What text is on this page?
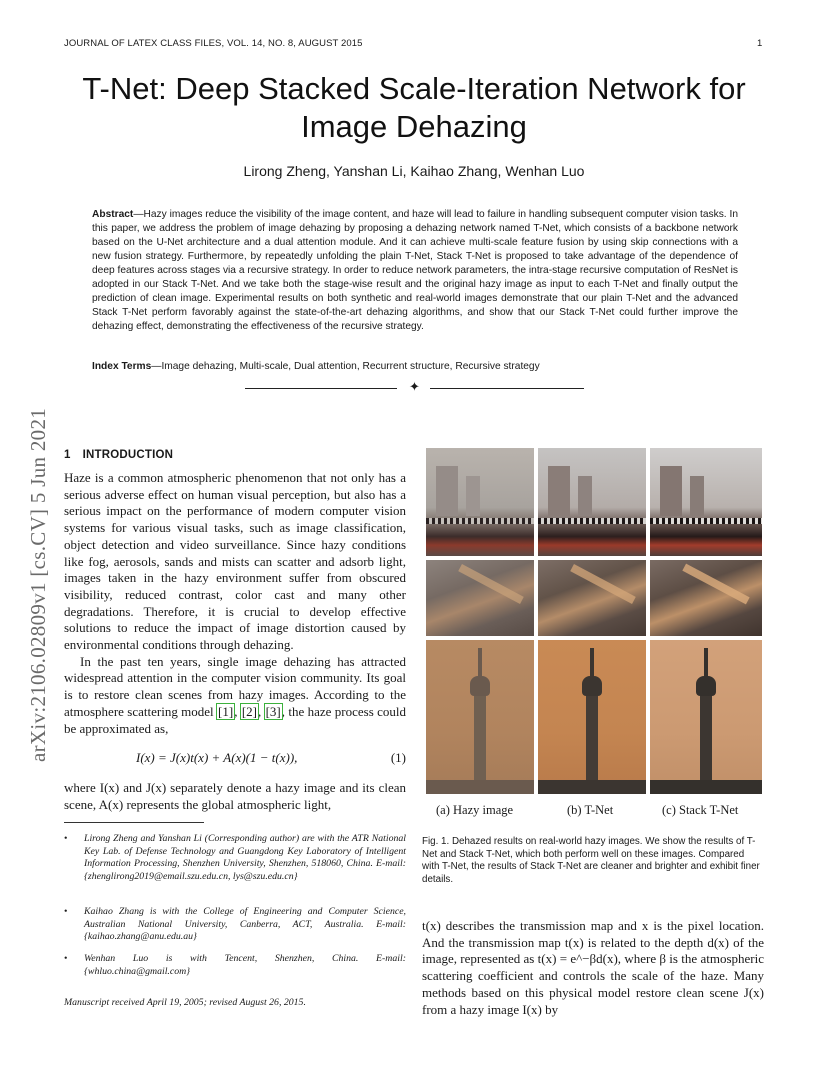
JOURNAL OF LATEX CLASS FILES, VOL. 14, NO. 8, AUGUST 2015	1
T-Net: Deep Stacked Scale-Iteration Network for Image Dehazing
Lirong Zheng, Yanshan Li, Kaihao Zhang, Wenhan Luo
Abstract—Hazy images reduce the visibility of the image content, and haze will lead to failure in handling subsequent computer vision tasks. In this paper, we address the problem of image dehazing by proposing a dehazing network named T-Net, which consists of a backbone network based on the U-Net architecture and a dual attention module. And it can achieve multi-scale feature fusion by using skip connections with a new fusion strategy. Furthermore, by repeatedly unfolding the plain T-Net, Stack T-Net is proposed to take advantage of the dependence of deep features across stages via a recursive strategy. In order to reduce network parameters, the intra-stage recursive computation of ResNet is adopted in our Stack T-Net. And we take both the stage-wise result and the original hazy image as input to each T-Net and finally output the prediction of clean image. Experimental results on both synthetic and real-world images demonstrate that our plain T-Net and the advanced Stack T-Net perform favorably against the state-of-the-art dehazing algorithms, and show that our Stack T-Net could further improve the dehazing effect, demonstrating the effectiveness of the recursive strategy.
Index Terms—Image dehazing, Multi-scale, Dual attention, Recurrent structure, Recursive strategy
✦
arXiv:2106.02809v1 [cs.CV] 5 Jun 2021 1 INTRODUCTION

Haze is a common atmospheric phenomenon that not only has a serious adverse effect on human visual perception, but also has a serious impact on the performance of modern computer vision systems for various visual tasks, such as image classification, object detection and video surveillance. Since hazy conditions like fog, aerosols, sands and mists can scatter and adsorb light, images taken in the hazy environment suffer from obscured visibility, reduced contrast, color cast and many other degradations. Therefore, it is crucial to develop effective solutions to reduce the impact of image distortion caused by environmental conditions through dehazing.

In the past ten years, single image dehazing has attracted widespread attention in the computer vision community. Its goal is to restore clean scenes from hazy images. According to the atmosphere scattering model [1], [2], [3], the haze process could be approximated as,

I(x) = J(x)t(x) + A(x)(1 − t(x)),	(1)
where I(x) and J(x) separately denote a hazy image and its clean scene, A(x) represents the global atmospheric light,
• Lirong Zheng and Yanshan Li (Corresponding author) are with the ATR National Key Lab. of Defense Technology and Guangdong Key Laboratory of Intelligent Information Processing, Shenzhen University, Shenzhen, 518060, China. E-mail: {zhenglirong2019@email.szu.edu.cn, lys@szu.edu.cn}
• Kaihao Zhang is with the College of Engineering and Computer Science, Australian National University, Canberra, ACT, Australia. E-mail: {kaihao.zhang@anu.edu.au}
• Wenhan Luo is with Tencent, Shenzhen, China. E-mail: {whluo.china@gmail.com}
Manuscript received April 19, 2005; revised August 26, 2015.
(a) Hazy image	(b) T-Net	(c) Stack T-Net
Fig. 1. Dehazed results on real-world hazy images. We show the results of T-Net and Stack T-Net, which both perform well on these images. Compared with T-Net, the results of Stack T-Net are cleaner and brighter and exhibit finer details.

t(x) describes the transmission map and x is the pixel location. And the transmission map t(x) is related to the depth d(x) of the image, represented as t(x) = e^−βd(x), where β is the atmospheric scattering coefficient and controls the scale of the haze. Many methods based on this physical model restore clean scene J(x) from a hazy image I(x) by
